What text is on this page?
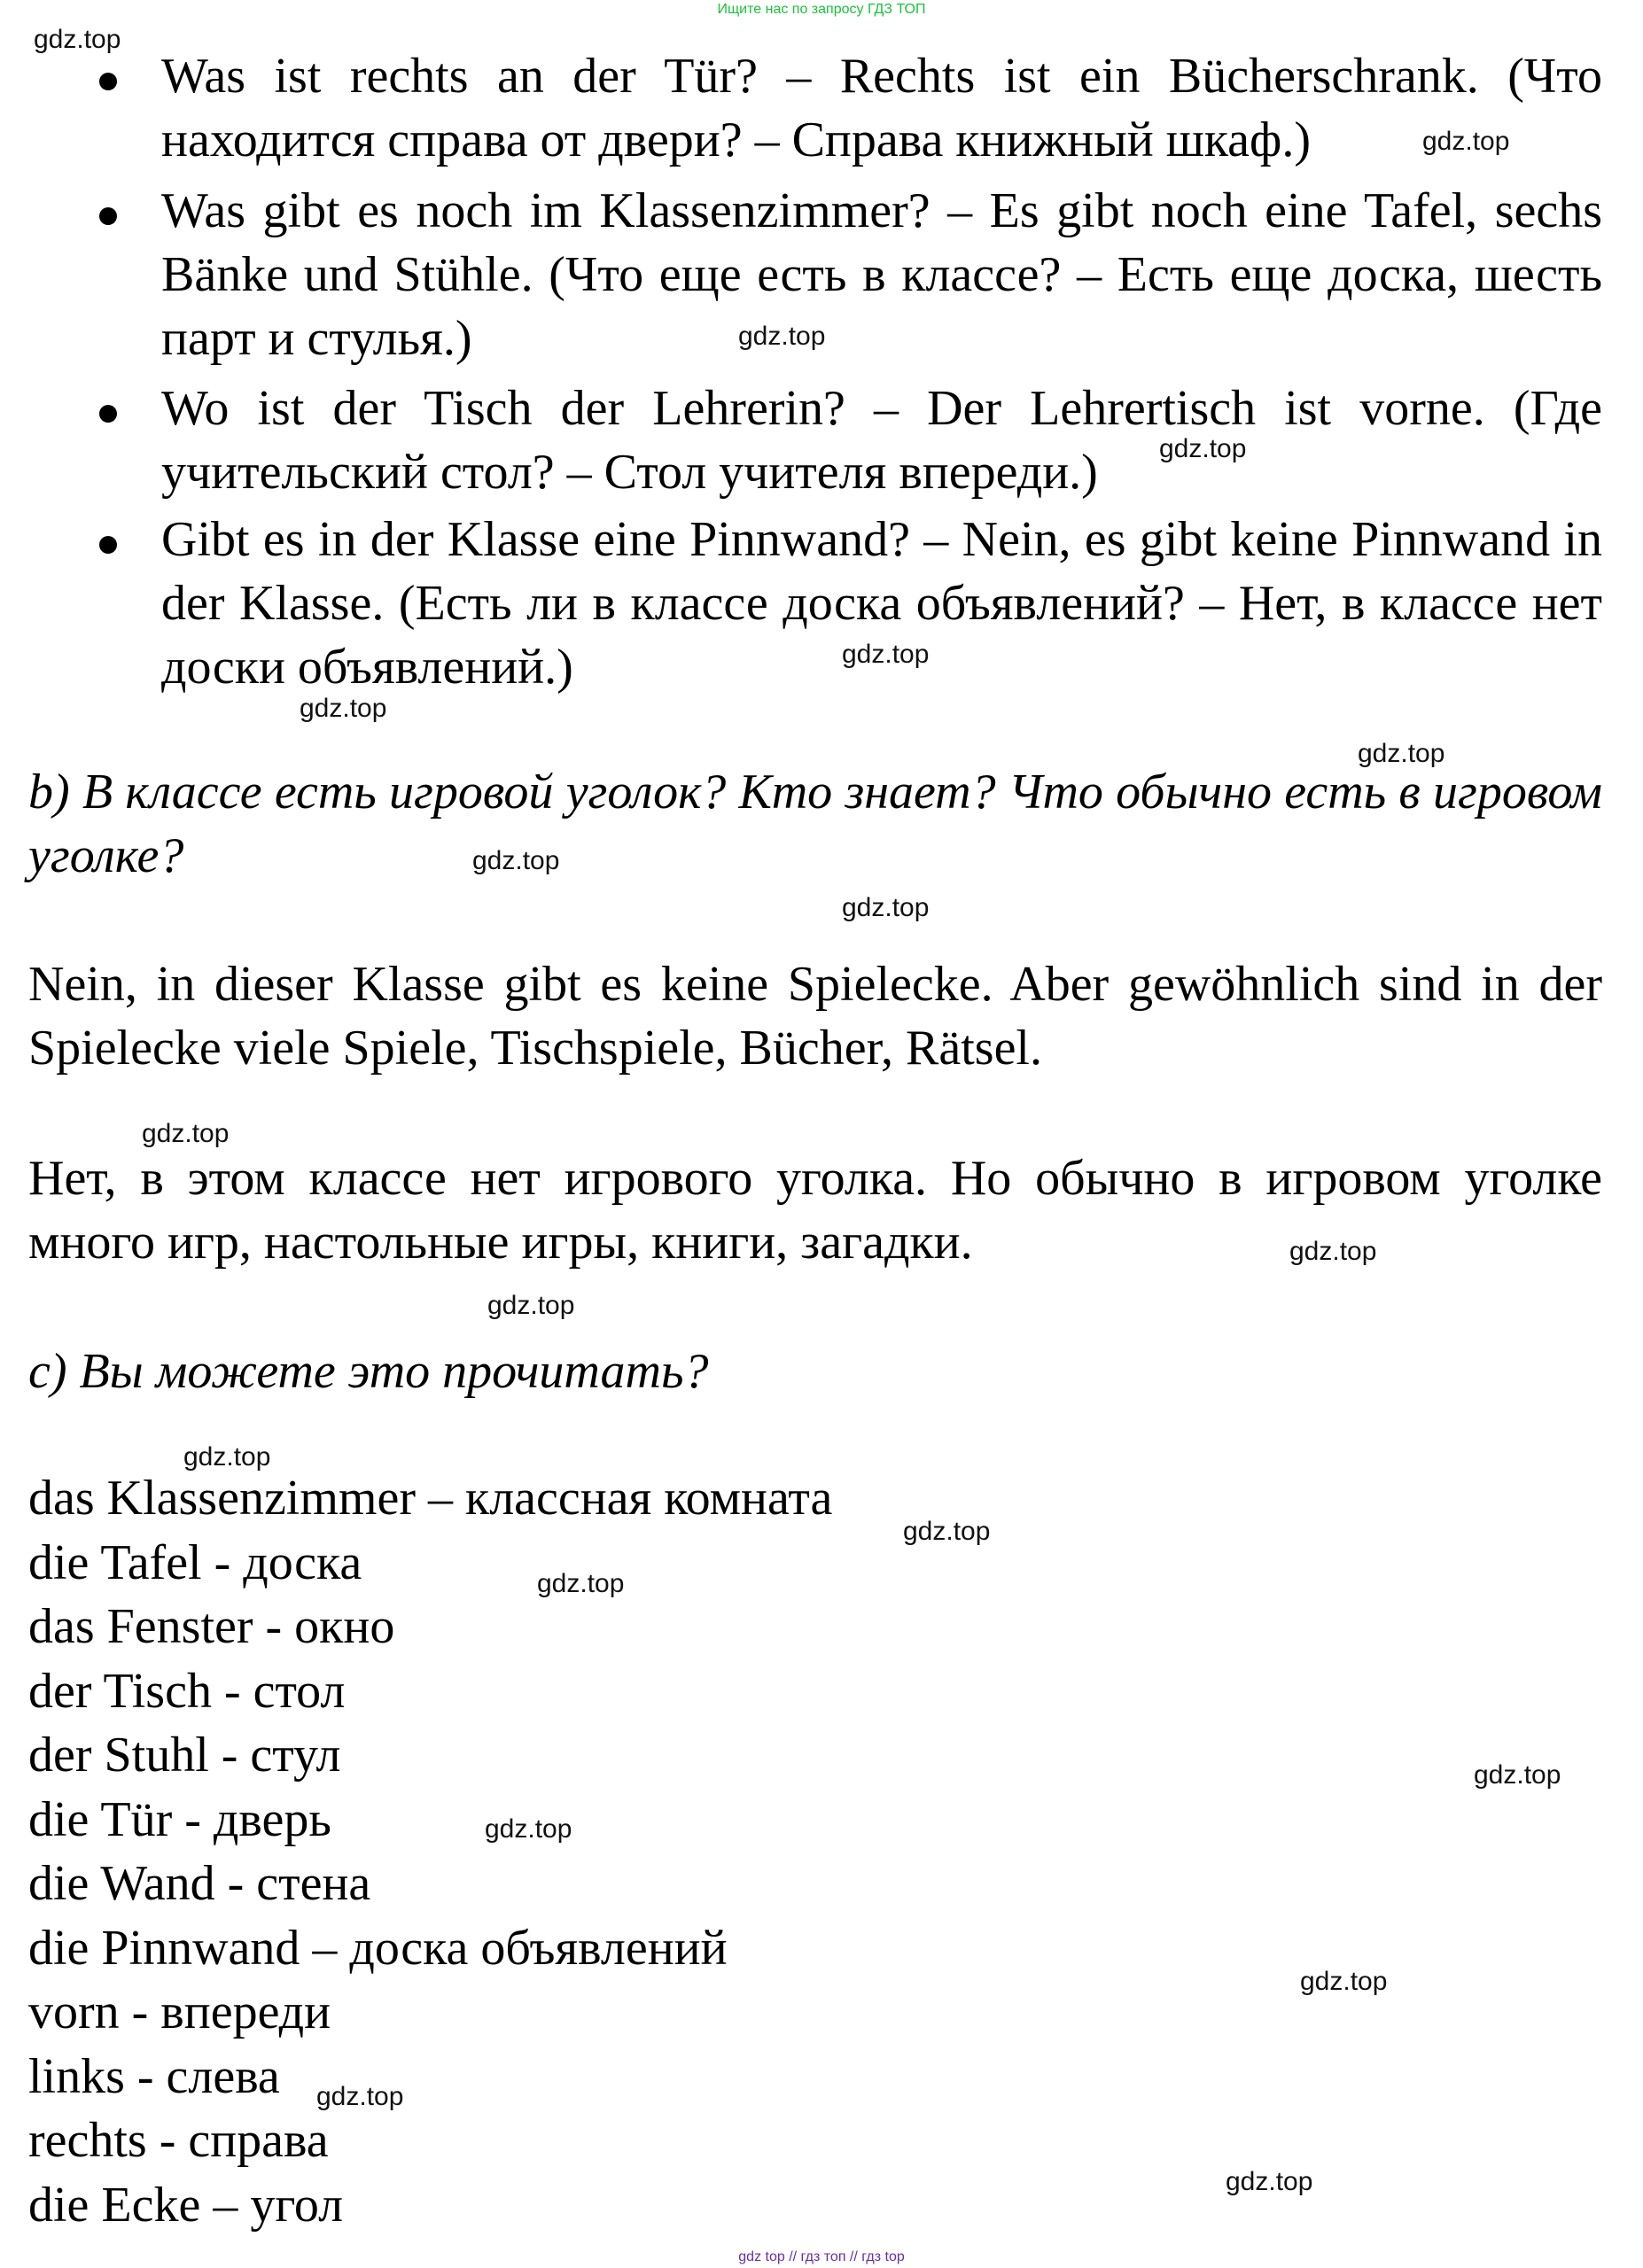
Ищите нас по запросу ГДЗ ТОП
Was ist rechts an der Tür? – Rechts ist ein Bücherschrank. (Что находится справа от двери? – Справа книжный шкаф.)
Was gibt es noch im Klassenzimmer? – Es gibt noch eine Tafel, sechs Bänke und Stühle. (Что еще есть в классе? – Есть еще доска, шесть парт и стулья.)
Wo ist der Tisch der Lehrerin? – Der Lehrertisch ist vorne. (Где учительский стол? – Стол учителя впереди.)
Gibt es in der Klasse eine Pinnwand? – Nein, es gibt keine Pinnwand in der Klasse. (Есть ли в классе доска объявлений? – Нет, в классе нет доски объявлений.)
b) В классе есть игровой уголок? Кто знает? Что обычно есть в игровом уголке?
Nein, in dieser Klasse gibt es keine Spielecke. Aber gewöhnlich sind in der Spielecke viele Spiele, Tischspiele, Bücher, Rätsel.
Нет, в этом классе нет игрового уголка. Но обычно в игровом уголке много игр, настольные игры, книги, загадки.
c) Вы можете это прочитать?
das Klassenzimmer – классная комната
die Tafel - доска
das Fenster - окно
der Tisch - стол
der Stuhl - стул
die Tür - дверь
die Wand - стена
die Pinnwand – доска объявлений
vorn - впереди
links - слева
rechts - справа
die Ecke – угол
gdz.top
gdz.top
gdz.top
gdz.top
gdz.top
gdz.top
gdz.top
gdz.top
gdz.top
gdz.top
gdz.top
gdz.top
gdz.top
gdz.top
gdz.top
gdz.top
gdz.top
gdz.top
gdz.top
gdz.top
gdz top // гдз топ // гдз top
